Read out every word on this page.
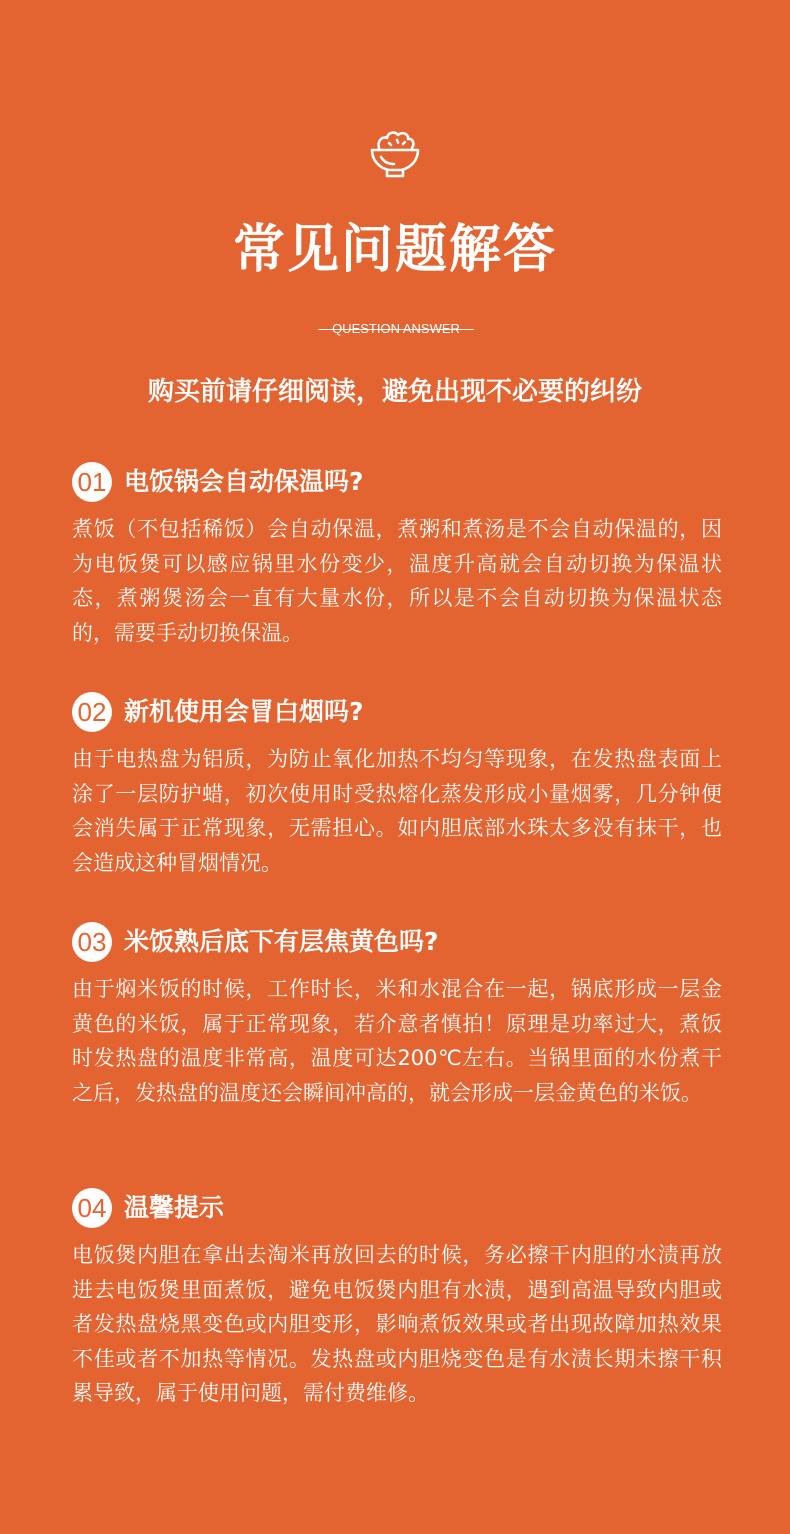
常见问题解答
QUESTION ANSWER
购买前请仔细阅读，避免出现不必要的纠纷
01 电饭锅会自动保温吗?
煮饭（不包括稀饭）会自动保温，煮粥和煮汤是不会自动保温的，因为电饭煲可以感应锅里水份变少，温度升高就会自动切换为保温状态，煮粥煲汤会一直有大量水份，所以是不会自动切换为保温状态的，需要手动切换保温。
02 新机使用会冒白烟吗?
由于电热盘为铝质，为防止氧化加热不均匀等现象，在发热盘表面上涂了一层防护蜡，初次使用时受热熔化蒸发形成小量烟雾，几分钟便会消失属于正常现象，无需担心。如内胆底部水珠太多没有抹干，也会造成这种冒烟情况。
03 米饭熟后底下有层焦黄色吗?
由于焖米饭的时候，工作时长，米和水混合在一起，锅底形成一层金黄色的米饭，属于正常现象，若介意者慎拍！原理是功率过大，煮饭时发热盘的温度非常高，温度可达200℃左右。当锅里面的水份煮干之后，发热盘的温度还会瞬间冲高的，就会形成一层金黄色的米饭。
04 温馨提示
电饭煲内胆在拿出去淘米再放回去的时候，务必擦干内胆的水渍再放进去电饭煲里面煮饭，避免电饭煲内胆有水渍，遇到高温导致内胆或者发热盘烧黑变色或内胆变形，影响煮饭效果或者出现故障加热效果不佳或者不加热等情况。发热盘或内胆烧变色是有水渍长期未擦干积累导致，属于使用问题，需付费维修。
